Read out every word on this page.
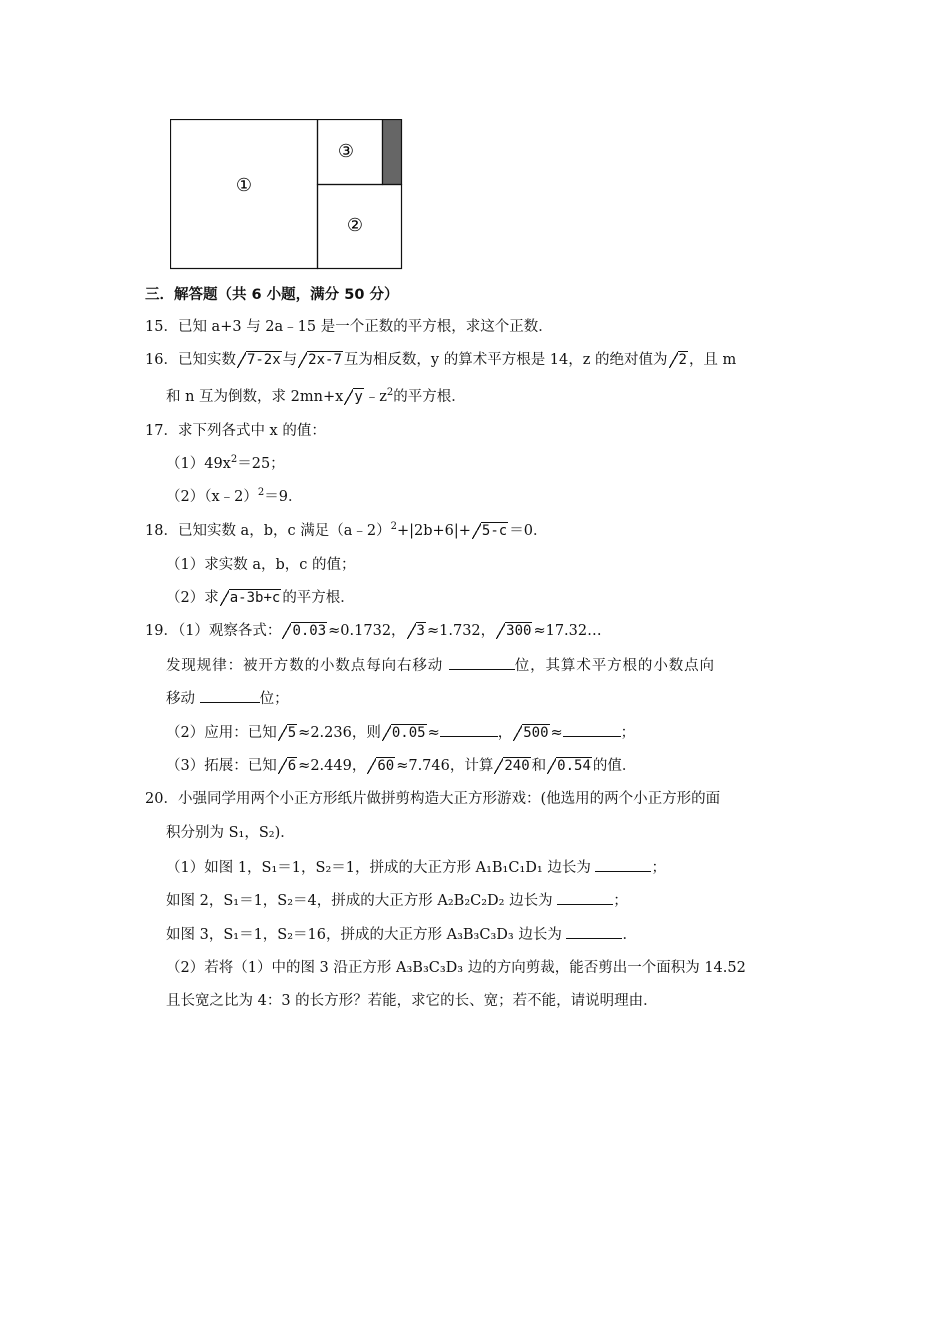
①
②
③
三．解答题（共 6 小题，满分 50 分）
15．已知 a+3 与 2a﹣15 是一个正数的平方根，求这个正数．
16．已知实数 7-2x 与 2x-7 互为相反数，y 的算术平方根是 14，z 的绝对值为 2 ，且 m
和 n 互为倒数，求 2mn+x y $﹣z^2$的平方根．
17．求下列各式中 x 的值：
$(1)49x^2=25$；
（2）（x﹣2）$^2$＝9．
18．已知实数 a，b，c 满足（a﹣2）$^2$+|2b+6|+ 5-c ＝0．
（1）求实数 a，b，c 的值；
（2）求 a-3b+c 的平方根．
19．（1）观察各式： 0.03 ≈0.1732， 3 ≈1.732， 300 ≈17.32…
发现规律：被开方数的小数点每向右移动	位，其算术平方根的小数点向
移动	位；
（2）应用：已知 5 ≈2.236，则 0.05 ≈	， 500 ≈	；
（3）拓展：已知 6 ≈2.449， 60 ≈7.746，计算 240 和 0.54 的值．
20．小强同学用两个小正方形纸片做拼剪构造大正方形游戏：(他选用的两个小正方形的面
积分别为 S₁，S₂)．
（1）如图 1，S₁＝1，S₂＝1，拼成的大正方形 A₁B₁C₁D₁ 边长为	；
如图 2，S₁＝1，S₂＝4，拼成的大正方形 A₂B₂C₂D₂ 边长为	；
如图 3，S₁＝1，S₂＝16，拼成的大正方形 A₃B₃C₃D₃ 边长为	．
（2）若将（1）中的图 3 沿正方形 A₃B₃C₃D₃ 边的方向剪裁，能否剪出一个面积为 14.52
且长宽之比为 4：3 的长方形？若能，求它的长、宽；若不能，请说明理由．
